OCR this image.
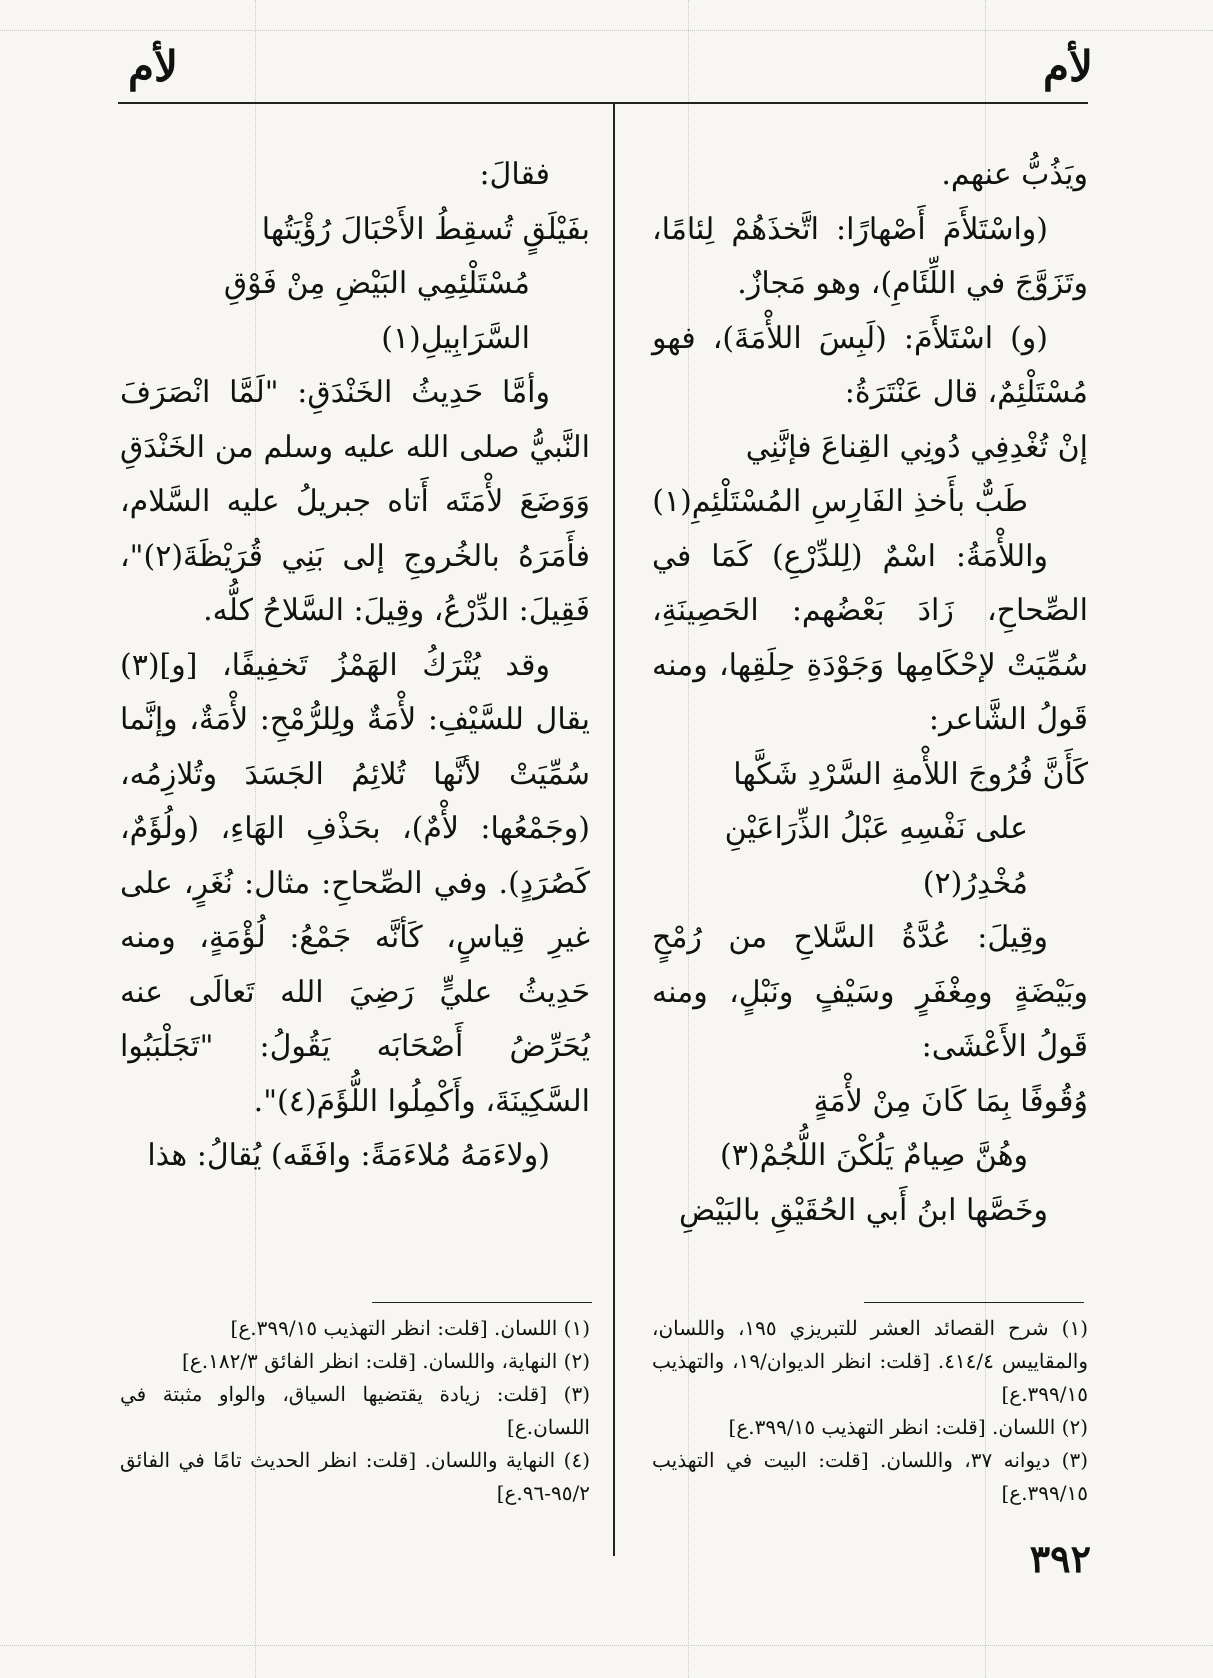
لأم
لأم

ويَذُبُّ عنهم.

(واسْتَلأَمَ أَصْهارًا: اتَّخذَهُمْ لِئامًا، وتَزَوَّجَ في اللِّئَامِ)، وهو مَجازٌ.

(و) اسْتَلأَمَ: (لَبِسَ اللأْمَةَ)، فهو مُسْتَلْئِمٌ، قال عَنْتَرَةُ:

إنْ تُغْدِفِي دُونِي القِناعَ فإنَّنِي

طَبٌّ بأَخذِ الفَارِسِ المُسْتَلْئِمِ(١)

واللأْمَةُ: اسْمٌ (لِلدِّرْعِ) كَمَا في الصِّحاحِ، زَادَ بَعْضُهم: الحَصِينَةِ، سُمِّيَتْ لإحْكَامِها وَجَوْدَةِ حِلَقِها، ومنه قَولُ الشَّاعر:

كَأَنَّ فُرُوجَ اللأْمةِ السَّرْدِ شَكَّها

على نَفْسِهِ عَبْلُ الذِّرَاعَيْنِ مُخْدِرُ(٢)

وقِيلَ: عُدَّةُ السَّلاحِ من رُمْحٍ وبَيْضَةٍ ومِغْفَرٍ وسَيْفٍ ونَبْلٍ، ومنه قَولُ الأَعْشَى:

وُقُوفًا بِمَا كَانَ مِنْ لأْمَةٍ

وهُنَّ صِيامٌ يَلُكْنَ اللُّجُمْ(٣)

وخَصَّها ابنُ أَبي الحُقَيْقِ بالبَيْضِ

فقالَ:

بفَيْلَقٍ تُسقِطُ الأَحْبَالَ رُؤْيَتُها

مُسْتَلْئِمِي البَيْضِ مِنْ فَوْقِ السَّرَابِيلِ(١)

وأمَّا حَدِيثُ الخَنْدَقِ: "لَمَّا انْصَرَفَ النَّبيُّ صلى الله عليه وسلم من الخَنْدَقِ وَوَضَعَ لأْمَتَه أَتاه جبريلُ عليه السَّلام، فأَمَرَهُ بالخُروجِ إلى بَنِي قُرَيْظَةَ(٢)"، فَقِيلَ: الدِّرْعُ، وقِيلَ: السَّلاحُ كلُّه.

وقد يُتْرَكُ الهَمْزُ تَخفِيفًا، [و](٣) يقال للسَّيْفِ: لأْمَةٌ ولِلرُّمْحِ: لأْمَةٌ، وإنَّما سُمِّيَتْ لأنَّها تُلائِمُ الجَسَدَ وتُلازِمُه، (وجَمْعُها: لأْمٌ)، بحَذْفِ الهَاءِ، (ولُؤَمٌ، كَصُرَدٍ). وفي الصِّحاحِ: مثال: نُغَرٍ، على غيرِ قِياسٍ، كَأنَّه جَمْعُ: لُؤْمَةٍ، ومنه حَدِيثُ عليٍّ رَضِيَ الله تَعالَى عنه يُحَرِّضُ أَصْحَابَه يَقُولُ: "تَجَلْبَبُوا السَّكِينَةَ، وأَكْمِلُوا اللُّؤَمَ(٤)".

(ولاءَمَهُ مُلاءَمَةً: وافَقَه) يُقالُ: هذا

(١) شرح القصائد العشر للتبريزي ١٩٥، واللسان، والمقاييس ٤١٤/٤. [قلت: انظر الديوان/١٩، والتهذيب ٣٩٩/١٥.ع]

(٢) اللسان. [قلت: انظر التهذيب ٣٩٩/١٥.ع]

(٣) ديوانه ٣٧، واللسان. [قلت: البيت في التهذيب ٣٩٩/١٥.ع]

(١) اللسان. [قلت: انظر التهذيب ٣٩٩/١٥.ع]

(٢) النهاية، واللسان. [قلت: انظر الفائق ١٨٢/٣.ع]

(٣) [قلت: زيادة يقتضيها السياق، والواو مثبتة في اللسان.ع]

(٤) النهاية واللسان. [قلت: انظر الحديث تامًا في الفائق ٩٥/٢-٩٦.ع]

٣٩٢
